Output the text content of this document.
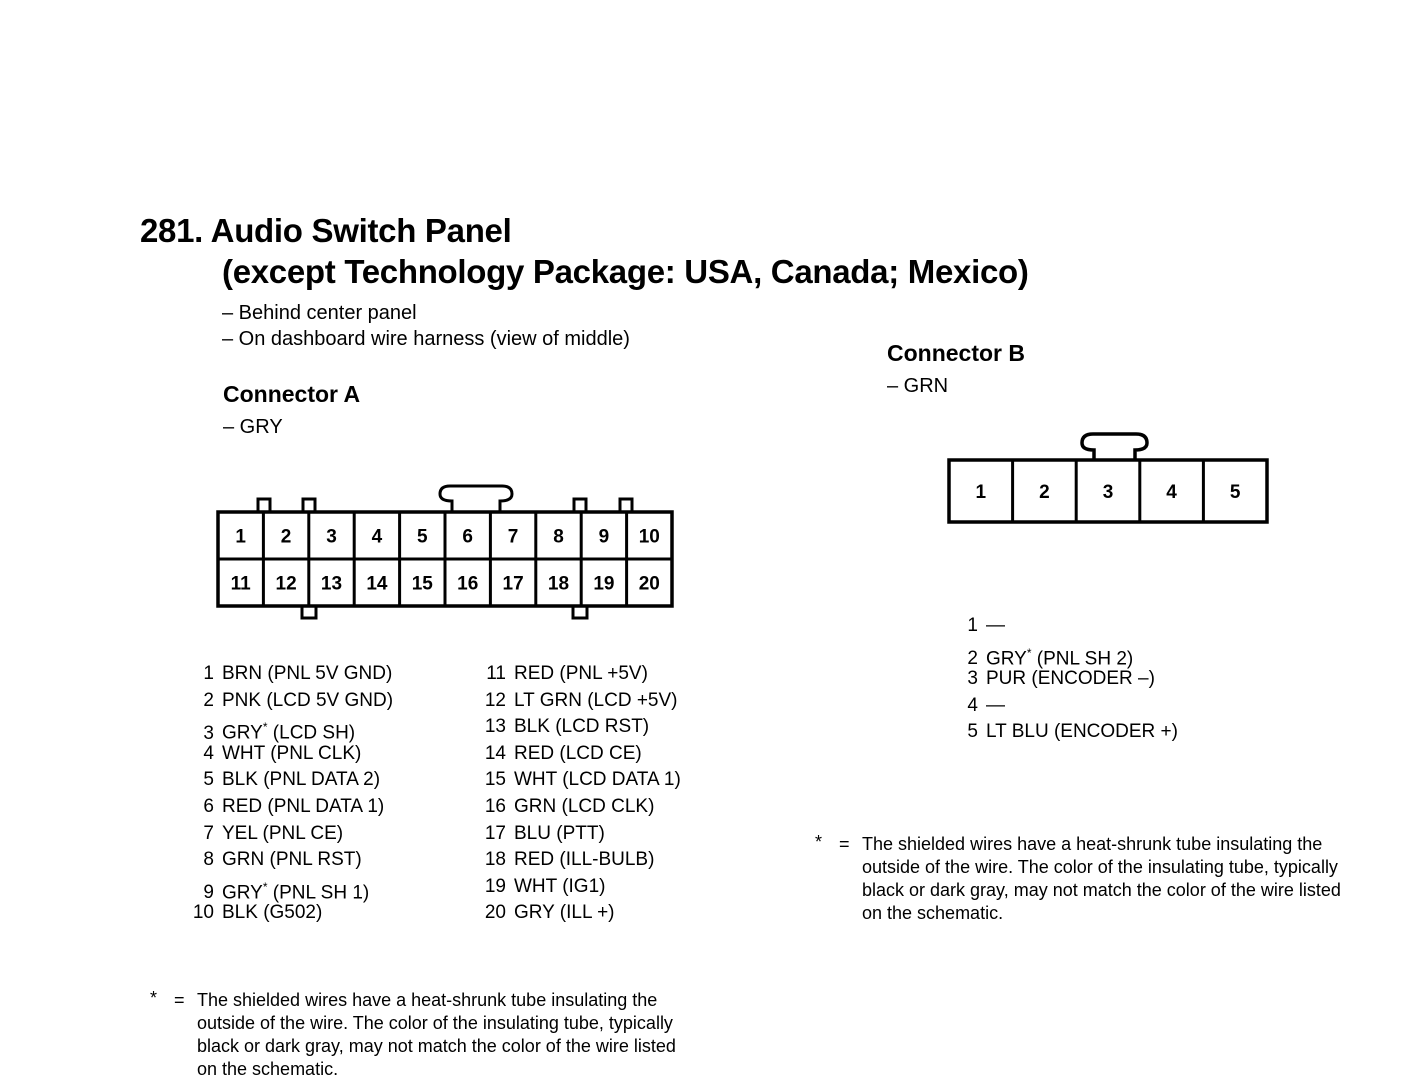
281. Audio Switch Panel
(except Technology Package: USA, Canada; Mexico)
– Behind center panel
– On dashboard wire harness (view of middle)
Connector A
– GRY
1 2 3 4 5 6 7 8 9 10
11 12 13 14 15 16 17 18 19 20
1 BRN (PNL 5V GND)
2 PNK (LCD 5V GND)
3 GRY* (LCD SH)
4 WHT (PNL CLK)
5 BLK (PNL DATA 2)
6 RED (PNL DATA 1)
7 YEL (PNL CE)
8 GRN (PNL RST)
9 GRY* (PNL SH 1)
10 BLK (G502)
11 RED (PNL +5V)
12 LT GRN (LCD +5V)
13 BLK (LCD RST)
14 RED (LCD CE)
15 WHT (LCD DATA 1)
16 GRN (LCD CLK)
17 BLU (PTT)
18 RED (ILL-BULB)
19 WHT (IG1)
20 GRY (ILL +)
* = The shielded wires have a heat-shrunk tube insulating the
outside of the wire. The color of the insulating tube, typically
black or dark gray, may not match the color of the wire listed
on the schematic.
Connector B
– GRN
1	2	3	4	5
1 —
2 GRY* (PNL SH 2)
3 PUR (ENCODER –)
4 —
5 LT BLU (ENCODER +)
* = The shielded wires have a heat-shrunk tube insulating the
outside of the wire. The color of the insulating tube, typically
black or dark gray, may not match the color of the wire listed
on the schematic.
